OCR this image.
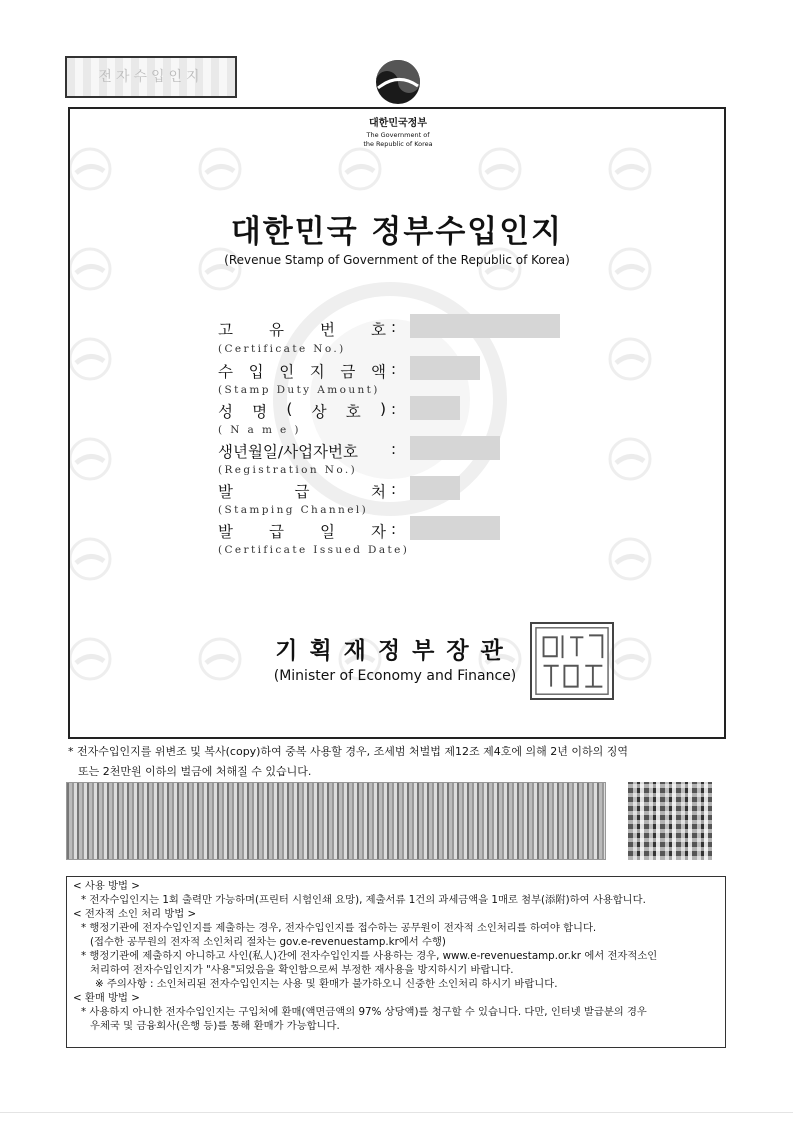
전자수입인지
대한민국정부
The Government of
the Republic of Korea
대한민국 정부수입인지
(Revenue Stamp of Government of the Republic of Korea)
고 유 번 호
(Certificate No.)
:
수 입 인 지 금 액
(Stamp Duty Amount)
:
성 명 ( 상 호 )
( N a m e )
:
생년월일/사업자번호
(Registration No.)
:
발	급	처
(Stamping Channel)
:
발 급 일 자
(Certificate Issued Date)
:
기획재정부장관
(Minister of Economy and Finance)
* 전자수입인지를 위변조 및 복사(copy)하여 중복 사용할 경우, 조세범 처벌법 제12조 제4호에 의해 2년 이하의 징역
또는 2천만원 이하의 벌금에 처해질 수 있습니다.
< 사용 방법 >
* 전자수입인지는 1회 출력만 가능하며(프린터 시험인쇄 요망), 제출서류 1건의 과세금액을 1매로 첨부(添附)하여 사용합니다.
< 전자적 소인 처리 방법 >
* 행정기관에 전자수입인지를 제출하는 경우, 전자수입인지를 접수하는 공무원이 전자적 소인처리를 하여야 합니다.
(접수한 공무원의 전자적 소인처리 절차는 gov.e-revenuestamp.kr에서 수행)
* 행정기관에 제출하지 아니하고 사인(私人)간에 전자수입인지를 사용하는 경우, www.e-revenuestamp.or.kr 에서 전자적소인
처리하여 전자수입인지가 "사용"되었음을 확인함으로써 부정한 재사용을 방지하시기 바랍니다.
※ 주의사항 : 소인처리된 전자수입인지는 사용 및 환매가 불가하오니 신중한 소인처리 하시기 바랍니다.
< 환매 방법 >
* 사용하지 아니한 전자수입인지는 구입처에 환매(액면금액의 97% 상당액)를 청구할 수 있습니다. 다만, 인터넷 발급분의 경우
우체국 및 금융회사(은행 등)를 통해 환매가 가능합니다.
